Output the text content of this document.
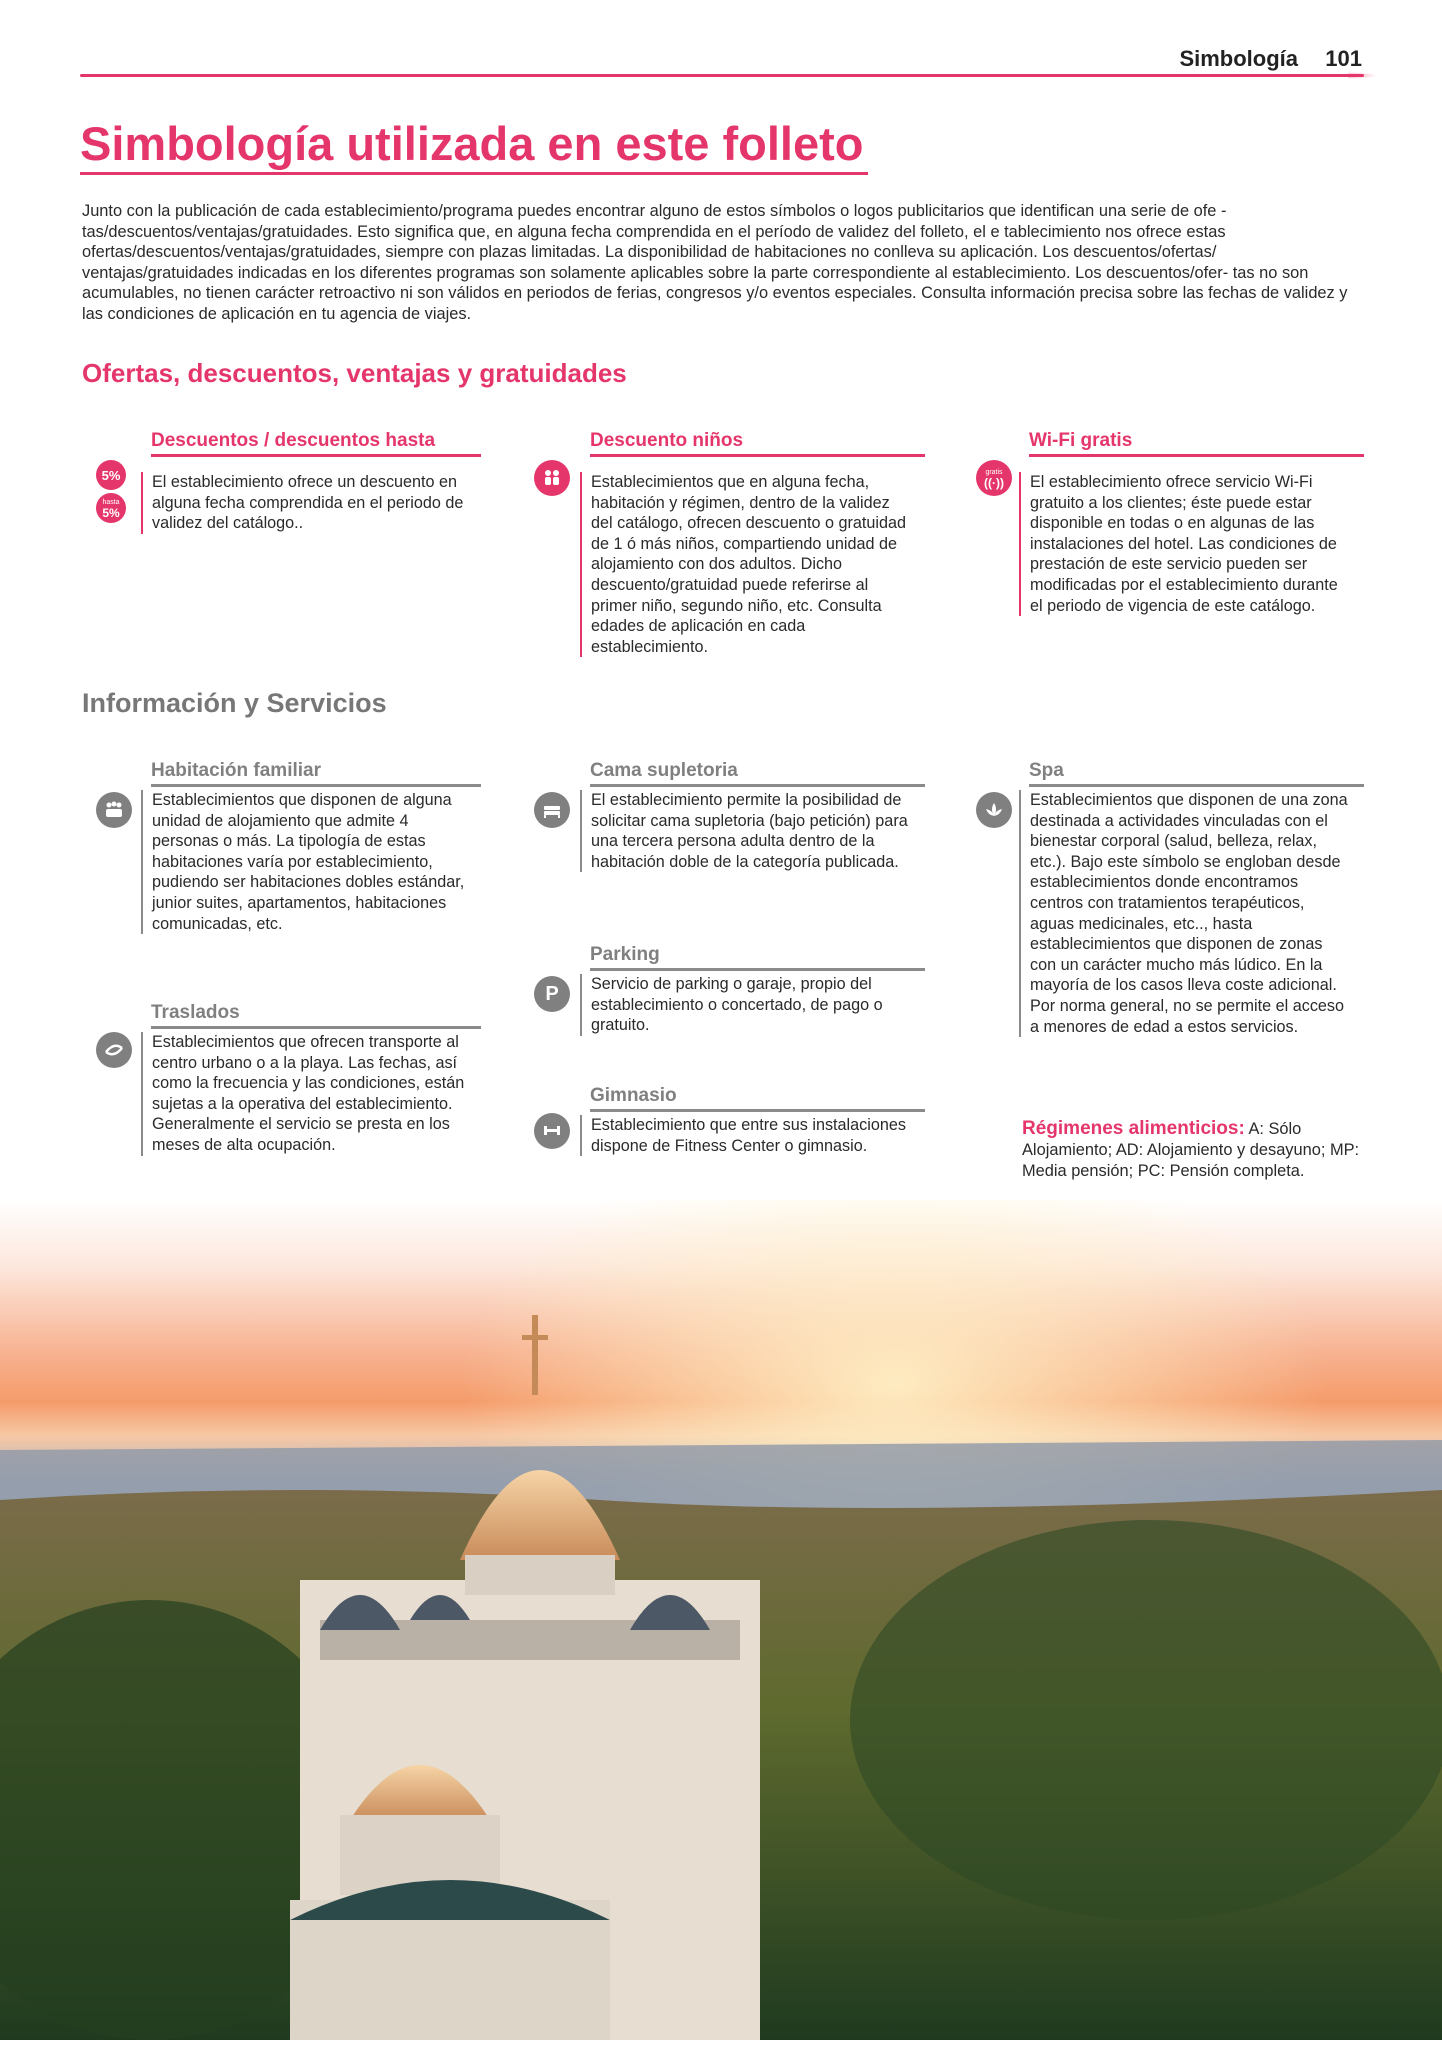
Simbología 101
Simbología utilizada en este folleto
Junto con la publicación de cada establecimiento/programa puedes encontrar alguno de estos símbolos o logos publicitarios que identifican una serie de ofe - tas/descuentos/ventajas/gratuidades. Esto significa que, en alguna fecha comprendida en el período de validez del folleto, el e tablecimiento nos ofrece estas ofertas/descuentos/ventajas/gratuidades, siempre con plazas limitadas. La disponibilidad de habitaciones no conlleva su aplicación. Los descuentos/ofertas/ ventajas/gratuidades indicadas en los diferentes programas son solamente aplicables sobre la parte correspondiente al establecimiento. Los descuentos/ofer- tas no son acumulables, no tienen carácter retroactivo ni son válidos en periodos de ferias, congresos y/o eventos especiales. Consulta información precisa sobre las fechas de validez y las condiciones de aplicación en tu agencia de viajes.
Ofertas, descuentos, ventajas y gratuidades
Descuentos / descuentos hasta
El establecimiento ofrece un descuento en alguna fecha comprendida en el periodo de validez del catálogo..
5%
hasta
5%
Descuento niños
Establecimientos que en alguna fecha, habitación y régimen, dentro de la validez del catálogo, ofrecen descuento o gratuidad de 1 ó más niños, compartiendo unidad de alojamiento con dos adultos. Dicho descuento/gratuidad puede referirse al primer niño, segundo niño, etc. Consulta edades de aplicación en cada establecimiento.
Wi-Fi gratis
El establecimiento ofrece servicio Wi-Fi gratuito a los clientes; éste puede estar disponible en todas o en algunas de las instalaciones del hotel. Las condiciones de prestación de este servicio pueden ser modificadas por el establecimiento durante el periodo de vigencia de este catálogo.
gratis
((·))
Información y Servicios
Habitación familiar
Establecimientos que disponen de alguna unidad de alojamiento que admite 4 personas o más. La tipología de estas habitaciones varía por establecimiento, pudiendo ser habitaciones dobles estándar, junior suites, apartamentos, habitaciones comunicadas, etc.
Traslados
Establecimientos que ofrecen transporte al centro urbano o a la playa. Las fechas, así como la frecuencia y las condiciones, están sujetas a la operativa del establecimiento. Generalmente el servicio se presta en los meses de alta ocupación.
Cama supletoria
El establecimiento permite la posibilidad de solicitar cama supletoria (bajo petición) para una tercera persona adulta dentro de la habitación doble de la categoría publicada.
Parking
Servicio de parking o garaje, propio del establecimiento o concertado, de pago o gratuito.
P
Gimnasio
Establecimiento que entre sus instalaciones dispone de Fitness Center o gimnasio.
Spa
Establecimientos que disponen de una zona destinada a actividades vinculadas con el bienestar corporal (salud, belleza, relax, etc.). Bajo este símbolo se engloban desde establecimientos donde encontramos centros con tratamientos terapéuticos, aguas medicinales, etc.., hasta establecimientos que disponen de zonas con un carácter mucho más lúdico. En la mayoría de los casos lleva coste adicional. Por norma general, no se permite el acceso a menores de edad a estos servicios.
Régimenes alimenticios: A: Sólo Alojamiento; AD: Alojamiento y desayuno; MP: Media pensión; PC: Pensión completa.
